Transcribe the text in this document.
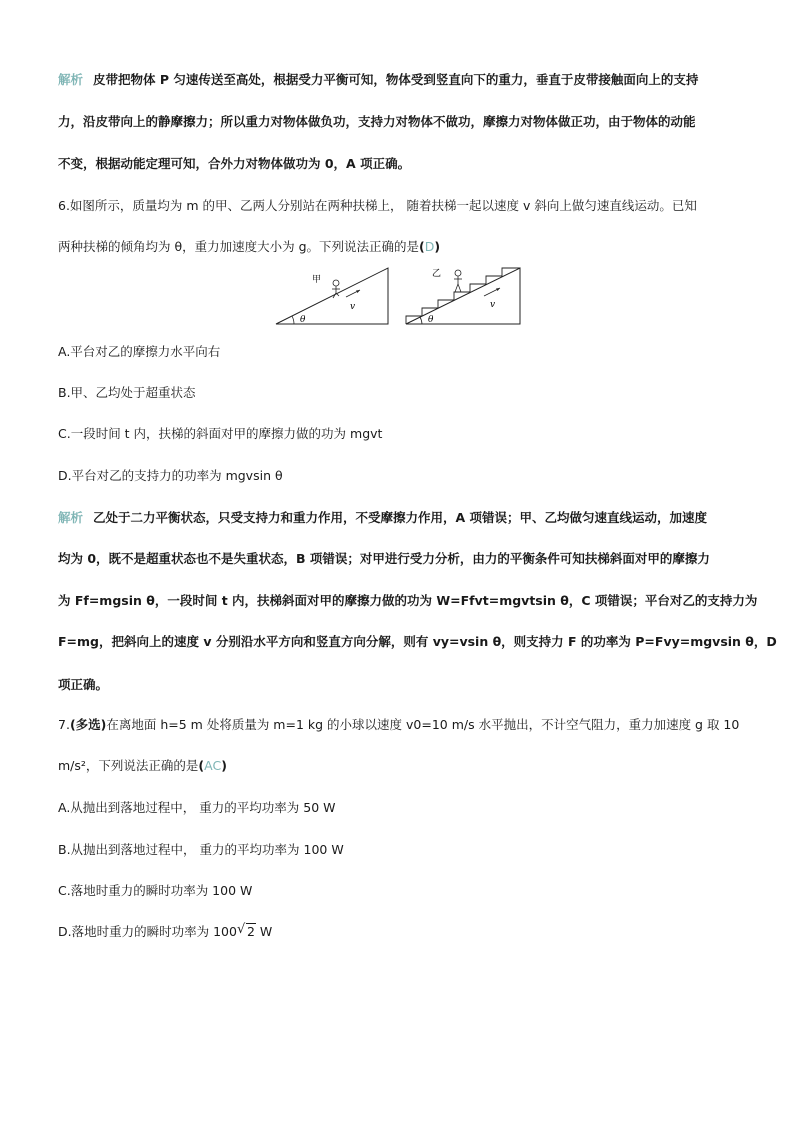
解析 皮带把物体 P 匀速传送至高处，根据受力平衡可知，物体受到竖直向下的重力，垂直于皮带接触面向上的支持
力，沿皮带向上的静摩擦力；所以重力对物体做负功，支持力对物体不做功，摩擦力对物体做正功，由于物体的动能
不变，根据动能定理可知，合外力对物体做功为 0，A 项正确。
6.如图所示，质量均为 m 的甲、乙两人分别站在两种扶梯上， 随着扶梯一起以速度 v 斜向上做匀速直线运动。已知
两种扶梯的倾角均为 θ，重力加速度大小为 g。下列说法正确的是(D)
θ
甲
v
θ
乙
v
A.平台对乙的摩擦力水平向右
B.甲、乙均处于超重状态
C.一段时间 t 内，扶梯的斜面对甲的摩擦力做的功为 mgvt
D.平台对乙的支持力的功率为 mgvsin θ
解析 乙处于二力平衡状态，只受支持力和重力作用，不受摩擦力作用，A 项错误；甲、乙均做匀速直线运动，加速度
均为 0，既不是超重状态也不是失重状态，B 项错误；对甲进行受力分析，由力的平衡条件可知扶梯斜面对甲的摩擦力
为 Ff=mgsin θ，一段时间 t 内，扶梯斜面对甲的摩擦力做的功为 W=Ffvt=mgvtsin θ，C 项错误；平台对乙的支持力为
F=mg，把斜向上的速度 v 分别沿水平方向和竖直方向分解，则有 vy=vsin θ，则支持力 F 的功率为 P=Fvy=mgvsin θ，D
项正确。
7.(多选)在离地面 h=5 m 处将质量为 m=1 kg 的小球以速度 v0=10 m/s 水平抛出，不计空气阻力，重力加速度 g 取 10
m/s²，下列说法正确的是(AC)
A.从抛出到落地过程中， 重力的平均功率为 50 W
B.从抛出到落地过程中， 重力的平均功率为 100 W
C.落地时重力的瞬时功率为 100 W
D.落地时重力的瞬时功率为 100 √ 2 W
